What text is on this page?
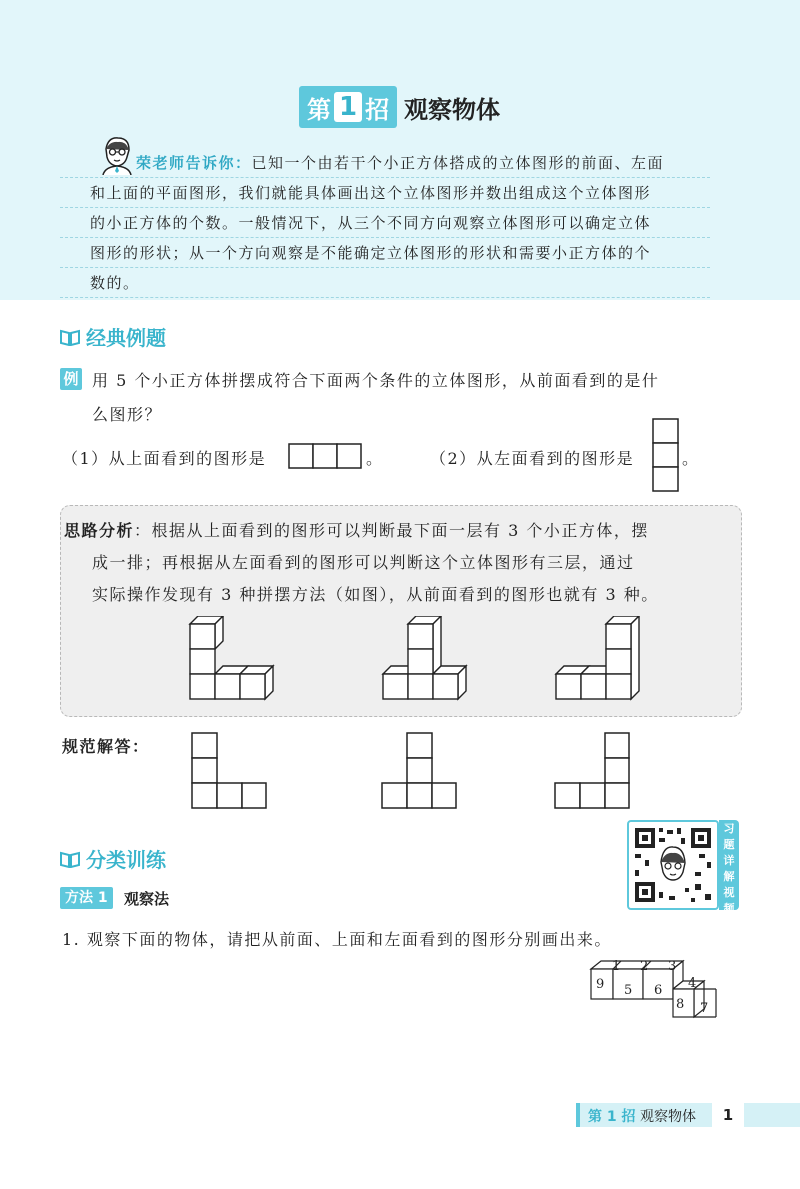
第 1 招 观察物体
荣老师告诉你：已知一个由若干个小正方体搭成的立体图形的前面、左面
和上面的平面图形，我们就能具体画出这个立体图形并数出组成这个立体图形
的小正方体的个数。一般情况下，从三个不同方向观察立体图形可以确定立体
图形的形状；从一个方向观察是不能确定立体图形的形状和需要小正方体的个
数的。
经典例题
例 用 5 个小正方体拼摆成符合下面两个条件的立体图形，从前面看到的是什
么图形？
（1）从上面看到的图形是	。	（2）从左面看到的图形是	。
思路分析：根据从上面看到的图形可以判断最下面一层有 3 个小正方体，摆
成一排；再根据从左面看到的图形可以判断这个立体图形有三层，通过
实际操作发现有 3 种拼摆方法（如图），从前面看到的图形也就有 3 种。
规范解答：
分类训练
习
题
详
解
视
频
方法 1	观察法
1. 观察下面的物体，请把从前面、上面和左面看到的图形分别画出来。
9
1 2 3
5 6 4
8 7
第 1 招 观察物体	1
